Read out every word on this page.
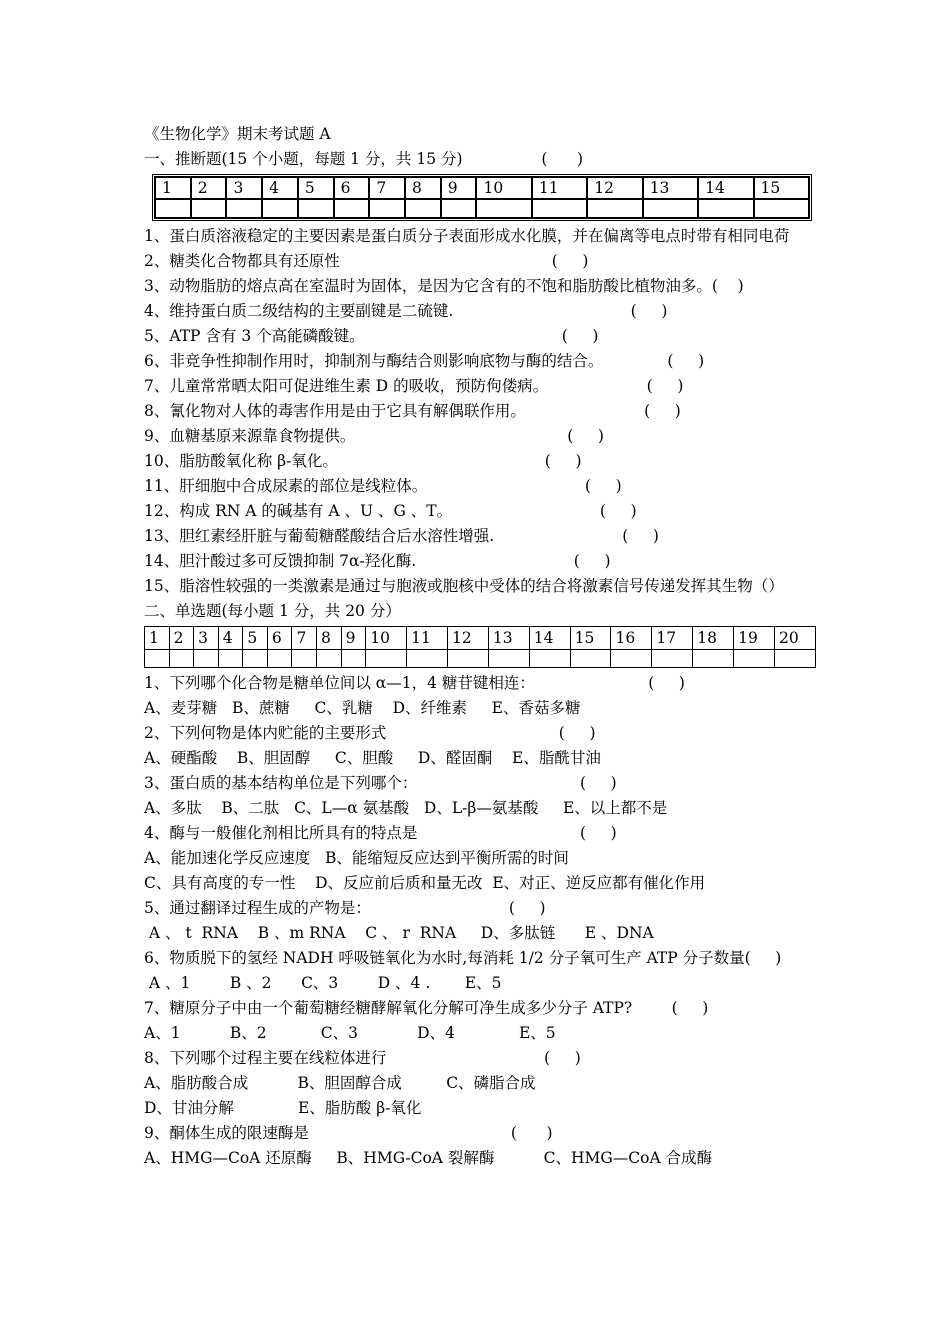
《生物化学》期末考试题 A
一、推断题(15 个小题，每题 1 分，共 15 分)                (      )
1	2	3	4	5	6	7	8	9	10	11	12	13	14	15

1、蛋白质溶液稳定的主要因素是蛋白质分子表面形成水化膜，并在偏离等电点时带有相同电荷
2、糖类化合物都具有还原性                                           (     )
3、动物脂肪的熔点高在室温时为固体，是因为它含有的不饱和脂肪酸比植物油多。(    )
4、维持蛋白质二级结构的主要副键是二硫键.                                    (     )
5、ATP 含有 3 个高能磷酸键。                                        (     )
6、非竞争性抑制作用时，抑制剂与酶结合则影响底物与酶的结合。             (     )
7、儿童常常晒太阳可促进维生素 D 的吸收，预防佝偻病。                    (     )
8、氰化物对人体的毒害作用是由于它具有解偶联作用。                        (     )
9、血糖基原来源靠食物提供。                                           (     )
10、脂肪酸氧化称 β-氧化。                                          (     )
11、肝细胞中合成尿素的部位是线粒体。                                (     )
12、构成 RN A 的碱基有 A 、U 、G 、T。                              (     )
13、胆红素经肝脏与葡萄糖醛酸结合后水溶性增强.                          (     )
14、胆汁酸过多可反馈抑制 7α-羟化酶.                                (     )
15、脂溶性较强的一类激素是通过与胞液或胞核中受体的结合将激素信号传递发挥其生物（）
二、单选题(每小题 1 分，共 20 分）
1	2	3	4	5	6	7	8	9	10	11	12	13	14	15	16	17	18	19	20

1、下列哪个化合物是糖单位间以 α—1，4 糖苷键相连：                       (     )
A、麦芽糖   B、蔗糖     C、乳糖    D、纤维素     E、香菇多糖
2、下列何物是体内贮能的主要形式                                   (     )
A、硬酯酸    B、胆固醇     C、胆酸     D、醛固酮    E、脂酰甘油
3、蛋白质的基本结构单位是下列哪个：                                 (     )
A、多肽    B、二肽   C、L—α 氨基酸   D、L-β—氨基酸     E、以上都不是
4、酶与一般催化剂相比所具有的特点是                                 (     )
A、能加速化学反应速度   B、能缩短反应达到平衡所需的时间
C、具有高度的专一性    D、反应前后质和量无改  E、对正、逆反应都有催化作用
5、通过翻译过程生成的产物是：                            (     )
A 、 t  RNA    B 、m RNA    C 、 r  RNA     D、多肽链      E 、DNA
6、物质脱下的氢经 NADH 呼吸链氧化为水时,每消耗 1/2 分子氧可生产 ATP 分子数量(     )
A 、1        B 、2      C、3        D 、4 .       E、5
7、糖原分子中由一个葡萄糖经糖酵解氧化分解可净生成多少分子 ATP?        (     )
A、1          B、2           C、3            D、4             E、5
8、下列哪个过程主要在线粒体进行                                (     )
A、脂肪酸合成          B、胆固醇合成         C、磷脂合成
D、甘油分解             E、脂肪酸 β-氧化
9、酮体生成的限速酶是                                         (      )
A、HMG—CoA 还原酶     B、HMG-CoA 裂解酶          C、HMG—CoA 合成酶
